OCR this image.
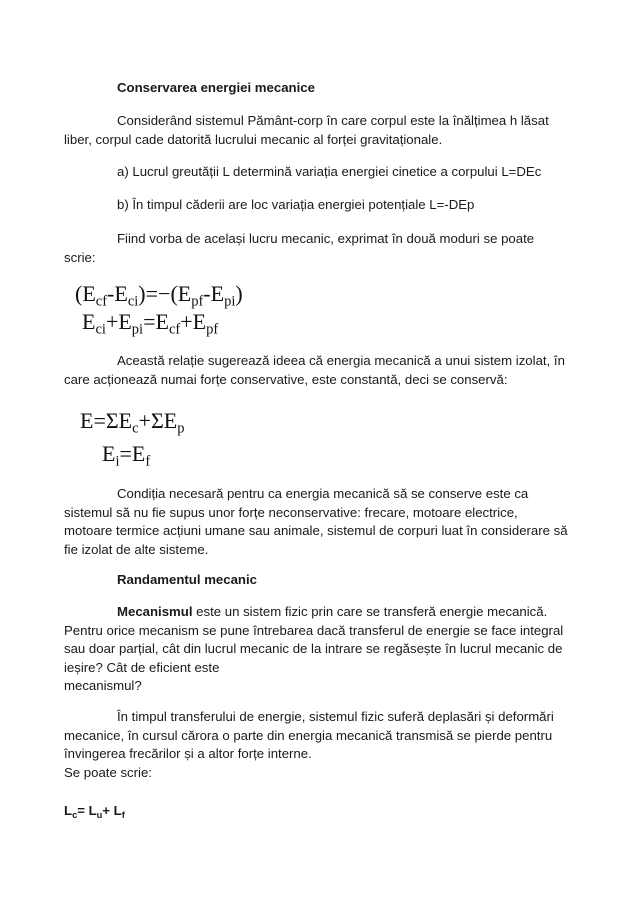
Conservarea energiei mecanice

Considerând sistemul Pământ-corp în care corpul este la înălțimea h lăsat liber, corpul cade datorită lucrului mecanic al forței gravitaționale.

a) Lucrul greutății L determină variația energiei cinetice a corpului L=DEc

b) În timpul căderii are loc variația energiei potențiale L=-DEp

Fiind vorba de același lucru mecanic, exprimat în două moduri se poate scrie:

$(E_{cf}-E_{ci})=-(E_{pf}-E_{pi})$
$E_{ci}+E_{pi}=E_{cf}+E_{pf}$

Această relație sugerează ideea că energia mecanică a unui sistem izolat, în care acționează numai forțe conservative, este constantă, deci se conservă:

$E=\Sigma E_c+\Sigma E_p$
$E_i=E_f$

Condiția necesară pentru ca energia mecanică să se conserve este ca sistemul să nu fie supus unor forțe neconservative: frecare, motoare electrice, motoare termice acțiuni umane sau animale, sistemul de corpuri luat în considerare să fie izolat de alte sisteme.

Randamentul mecanic

Mecanismul este un sistem fizic prin care se transferă energie mecanică. Pentru orice mecanism se pune întrebarea dacă transferul de energie se face integral sau doar parțial, cât din lucrul mecanic de la intrare se regăsește în lucrul mecanic de ieșire? Cât de eficient este
mecanismul?

În timpul transferului de energie, sistemul fizic suferă deplasări și deformări mecanice, în cursul cărora o parte din energia mecanică transmisă se pierde pentru învingerea frecărilor și a altor forțe interne.
Se poate scrie:

$L_c= L_u+ L_f$
